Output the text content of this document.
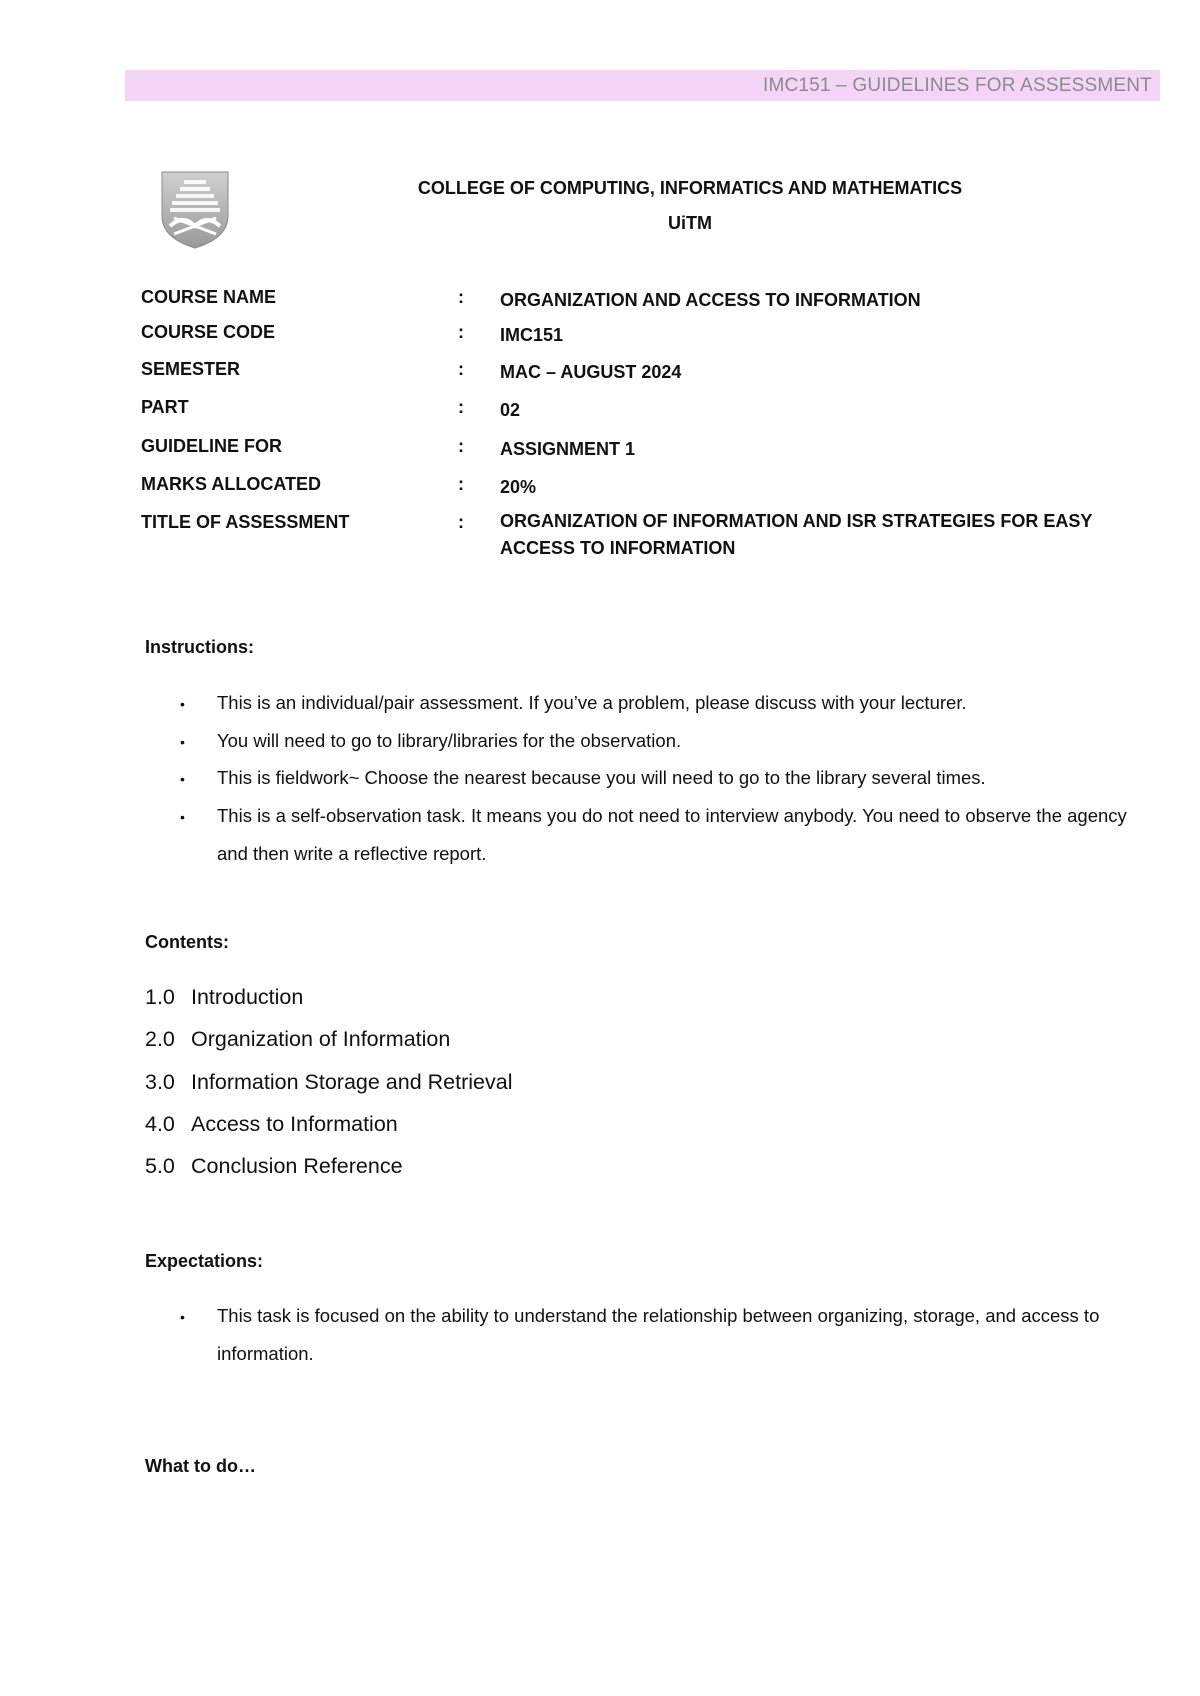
IMC151 – GUIDELINES FOR ASSESSMENT
COLLEGE OF COMPUTING, INFORMATICS AND MATHEMATICS
UiTM
COURSE NAME	: ORGANIZATION AND ACCESS TO INFORMATION
COURSE CODE	: IMC151
SEMESTER	: MAC – AUGUST 2024
PART	: 02
GUIDELINE FOR	: ASSIGNMENT 1
MARKS ALLOCATED	: 20%
TITLE OF ASSESSMENT	: ORGANIZATION OF INFORMATION AND ISR STRATEGIES FOR EASY ACCESS TO INFORMATION
Instructions:
• This is an individual/pair assessment. If you’ve a problem, please discuss with your lecturer.
• You will need to go to library/libraries for the observation.
• This is fieldwork~ Choose the nearest because you will need to go to the library several times.
• This is a self-observation task. It means you do not need to interview anybody. You need to observe the agency and then write a reflective report.
Contents:
1.0 Introduction
2.0 Organization of Information
3.0 Information Storage and Retrieval
4.0 Access to Information
5.0 Conclusion Reference
Expectations:
• This task is focused on the ability to understand the relationship between organizing, storage, and access to information.
What to do…
